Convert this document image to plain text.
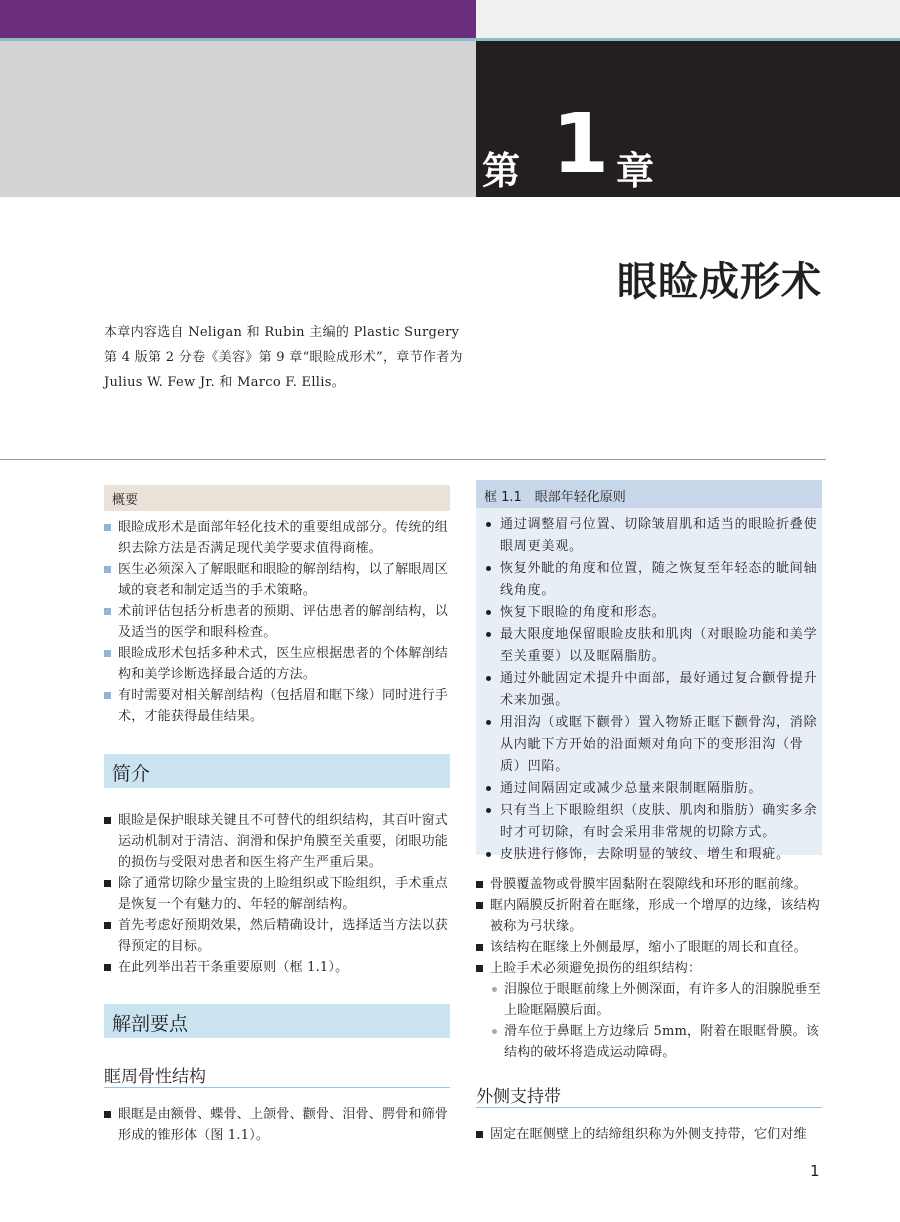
第 1 章
眼睑成形术
本章内容选自 Neligan 和 Rubin 主编的 Plastic Surgery 第 4 版第 2 分卷《美容》第 9 章“眼睑成形术”，章节作者为 Julius W. Few Jr. 和 Marco F. Ellis。
概要
眼睑成形术是面部年轻化技术的重要组成部分。传统的组织去除方法是否满足现代美学要求值得商榷。
医生必须深入了解眼眶和眼睑的解剖结构，以了解眼周区域的衰老和制定适当的手术策略。
术前评估包括分析患者的预期、评估患者的解剖结构，以及适当的医学和眼科检查。
眼睑成形术包括多种术式，医生应根据患者的个体解剖结构和美学诊断选择最合适的方法。
有时需要对相关解剖结构（包括眉和眶下缘）同时进行手术，才能获得最佳结果。
简介
眼睑是保护眼球关键且不可替代的组织结构，其百叶窗式运动机制对于清洁、润滑和保护角膜至关重要，闭眼功能的损伤与受限对患者和医生将产生严重后果。
除了通常切除少量宝贵的上睑组织或下睑组织，手术重点是恢复一个有魅力的、年轻的解剖结构。
首先考虑好预期效果，然后精确设计，选择适当方法以获得预定的目标。
在此列举出若干条重要原则（框 1.1）。
解剖要点
眶周骨性结构
眼眶是由额骨、蝶骨、上颌骨、颧骨、泪骨、腭骨和筛骨形成的锥形体（图 1.1）。
框 1.1　眼部年轻化原则
通过调整眉弓位置、切除皱眉肌和适当的眼睑折叠使眼周更美观。
恢复外眦的角度和位置，随之恢复至年轻态的眦间轴线角度。
恢复下眼睑的角度和形态。
最大限度地保留眼睑皮肤和肌肉（对眼睑功能和美学至关重要）以及眶隔脂肪。
通过外眦固定术提升中面部，最好通过复合颧骨提升术来加强。
用泪沟（或眶下颧骨）置入物矫正眶下颧骨沟，消除从内眦下方开始的沿面颊对角向下的变形泪沟（骨质）凹陷。
通过间隔固定或减少总量来限制眶隔脂肪。
只有当上下眼睑组织（皮肤、肌肉和脂肪）确实多余时才可切除，有时会采用非常规的切除方式。
皮肤进行修饰，去除明显的皱纹、增生和瑕疵。
骨膜覆盖物或骨膜牢固黏附在裂隙线和环形的眶前缘。
眶内隔膜反折附着在眶缘，形成一个增厚的边缘，该结构被称为弓状缘。
该结构在眶缘上外侧最厚，缩小了眼眶的周长和直径。
上睑手术必须避免损伤的组织结构：
泪腺位于眼眶前缘上外侧深面，有许多人的泪腺脱垂至上睑眶隔膜后面。
滑车位于鼻眶上方边缘后 5mm，附着在眼眶骨膜。该结构的破坏将造成运动障碍。
外侧支持带
固定在眶侧壁上的结缔组织称为外侧支持带，它们对维
1
